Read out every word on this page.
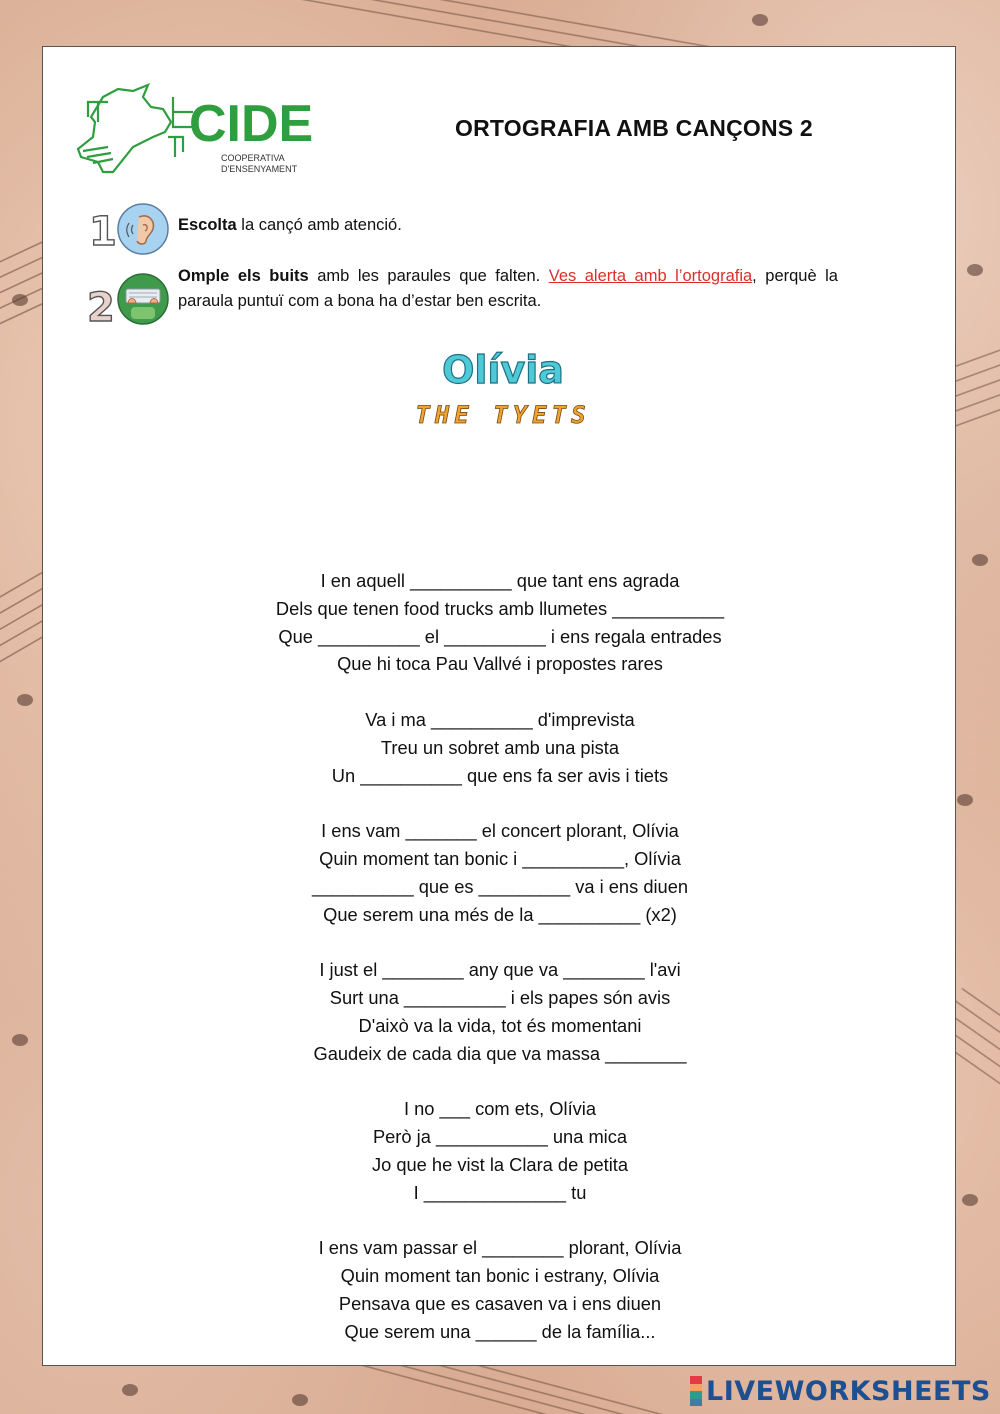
CIDE
COOPERATIVA
D'ENSENYAMENT
ORTOGRAFIA AMB CANÇONS 2
1	Escolta la cançó amb atenció.
2
Omple els buits amb les paraules que falten. Ves alerta amb l’ortografia, perquè la paraula puntuï com a bona ha d’estar ben escrita.
Olívia
THE TYETS
I en aquell __________ que tant ens agrada
Dels que tenen food trucks amb llumetes ___________
Que __________ el __________ i ens regala entrades
Que hi toca Pau Vallvé i propostes rares
Va i ma __________ d'imprevista
Treu un sobret amb una pista
Un __________ que ens fa ser avis i tiets
I ens vam _______ el concert plorant, Olívia
Quin moment tan bonic i __________, Olívia
__________ que es _________ va i ens diuen
Que serem una més de la __________ (x2)
I just el ________ any que va ________ l'avi
Surt una __________ i els papes són avis
D'això va la vida, tot és momentani
Gaudeix de cada dia que va massa ________
I no ___ com ets, Olívia
Però ja ___________ una mica
Jo que he vist la Clara de petita
I ______________ tu
I ens vam passar el ________ plorant, Olívia
Quin moment tan bonic i estrany, Olívia
Pensava que es casaven va i ens diuen
Que serem una ______ de la família...
LIVEWORKSHEETS
